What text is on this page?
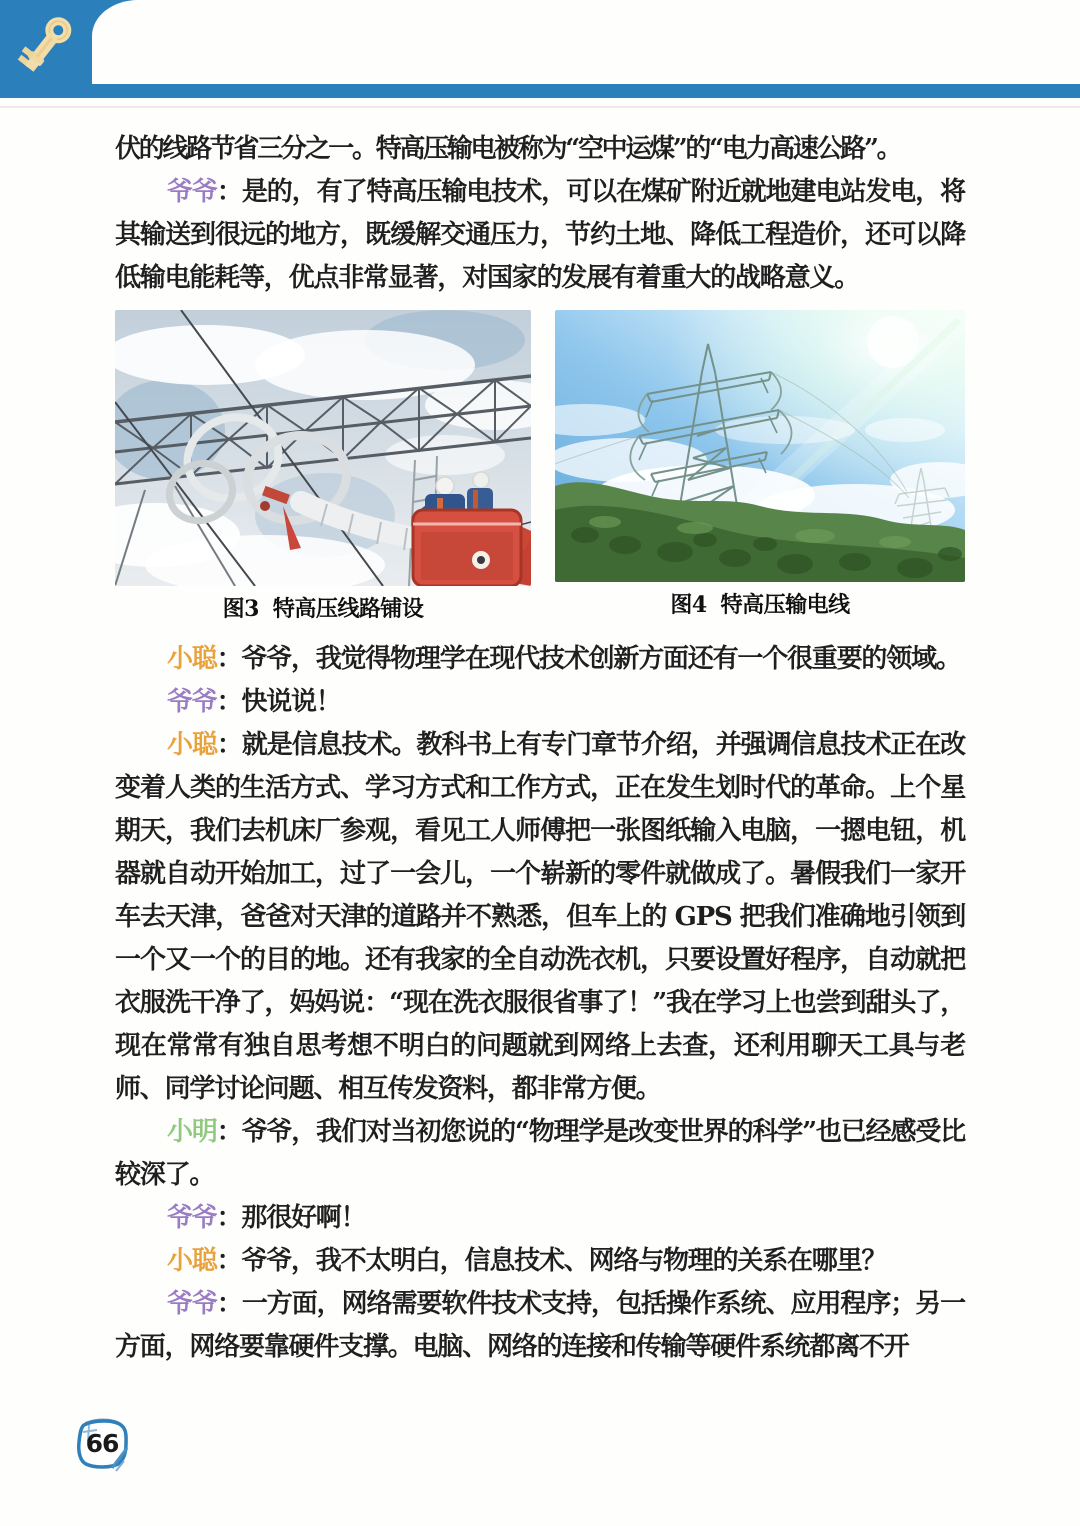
伏的线路节省三分之一。特高压输电被称为“空中运煤”的“电力高速公路”。

爷爷：是的，有了特高压输电技术，可以在煤矿附近就地建电站发电，将其输送到很远的地方，既缓解交通压力，节约土地、降低工程造价，还可以降低输电能耗等，优点非常显著，对国家的发展有着重大的战略意义。

图3 特高压线路铺设	图4 特高压输电线

小聪：爷爷，我觉得物理学在现代技术创新方面还有一个很重要的领域。

爷爷：快说说！

小聪：就是信息技术。教科书上有专门章节介绍，并强调信息技术正在改变着人类的生活方式、学习方式和工作方式，正在发生划时代的革命。上个星期天，我们去机床厂参观，看见工人师傅把一张图纸输入电脑，一摁电钮，机器就自动开始加工，过了一会儿，一个崭新的零件就做成了。暑假我们一家开车去天津，爸爸对天津的道路并不熟悉，但车上的 GPS 把我们准确地引领到一个又一个的目的地。还有我家的全自动洗衣机，只要设置好程序，自动就把衣服洗干净了，妈妈说：“现在洗衣服很省事了！”我在学习上也尝到甜头了，现在常常有独自思考想不明白的问题就到网络上去查，还利用聊天工具与老师、同学讨论问题、相互传发资料，都非常方便。

小明：爷爷，我们对当初您说的“物理学是改变世界的科学”也已经感受比较深了。

爷爷：那很好啊！

小聪：爷爷，我不太明白，信息技术、网络与物理的关系在哪里？

爷爷：一方面，网络需要软件技术支持，包括操作系统、应用程序；另一方面，网络要靠硬件支撑。电脑、网络的连接和传输等硬件系统都离不开

66
